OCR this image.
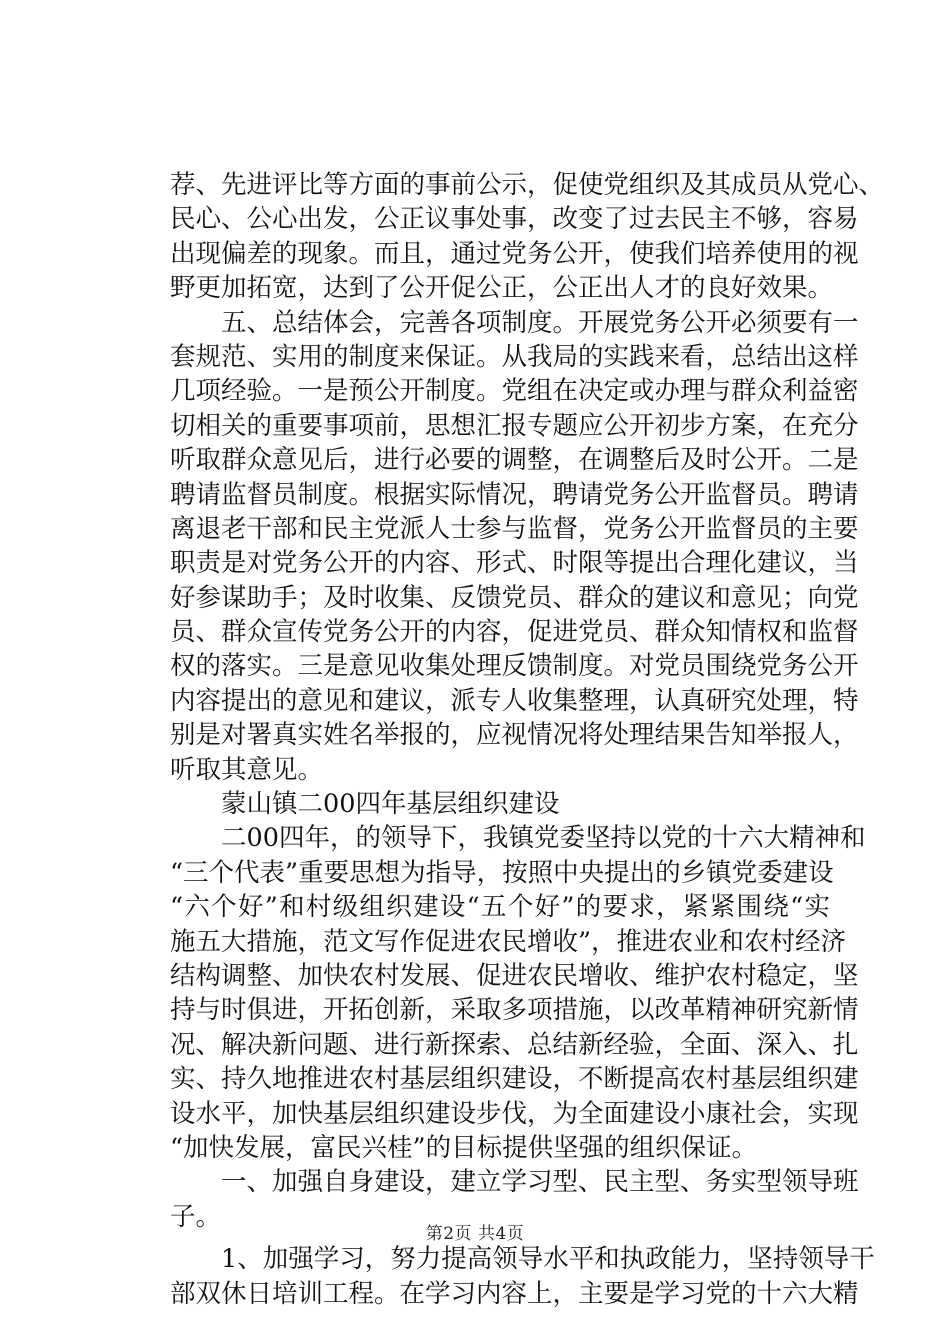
荐、先进评比等方面的事前公示，促使党组织及其成员从党心、
民心、公心出发，公正议事处事，改变了过去民主不够，容易
出现偏差的现象。而且，通过党务公开，使我们培养使用的视
野更加拓宽，达到了公开促公正，公正出人才的良好效果。
　　五、总结体会，完善各项制度。开展党务公开必须要有一
套规范、实用的制度来保证。从我局的实践来看，总结出这样
几项经验。一是预公开制度。党组在决定或办理与群众利益密
切相关的重要事项前，思想汇报专题应公开初步方案，在充分
听取群众意见后，进行必要的调整，在调整后及时公开。二是
聘请监督员制度。根据实际情况，聘请党务公开监督员。聘请
离退老干部和民主党派人士参与监督，党务公开监督员的主要
职责是对党务公开的内容、形式、时限等提出合理化建议，当
好参谋助手；及时收集、反馈党员、群众的建议和意见；向党
员、群众宣传党务公开的内容，促进党员、群众知情权和监督
权的落实。三是意见收集处理反馈制度。对党员围绕党务公开
内容提出的意见和建议，派专人收集整理，认真研究处理，特
别是对署真实姓名举报的，应视情况将处理结果告知举报人，
听取其意见。
　　蒙山镇二00四年基层组织建设
　　二00四年，的领导下，我镇党委坚持以党的十六大精神和
“三个代表”重要思想为指导，按照中央提出的乡镇党委建设
“六个好”和村级组织建设“五个好”的要求，紧紧围绕“实
施五大措施，范文写作促进农民增收”，推进农业和农村经济
结构调整、加快农村发展、促进农民增收、维护农村稳定，坚
持与时俱进，开拓创新，采取多项措施，以改革精神研究新情
况、解决新问题、进行新探索、总结新经验，全面、深入、扎
实、持久地推进农村基层组织建设，不断提高农村基层组织建
设水平，加快基层组织建设步伐，为全面建设小康社会，实现
“加快发展，富民兴桂”的目标提供坚强的组织保证。
　　一、加强自身建设，建立学习型、民主型、务实型领导班
子。
　　1、加强学习，努力提高领导水平和执政能力，坚持领导干
部双休日培训工程。在学习内容上，主要是学习党的十六大精
第2页 共4页
